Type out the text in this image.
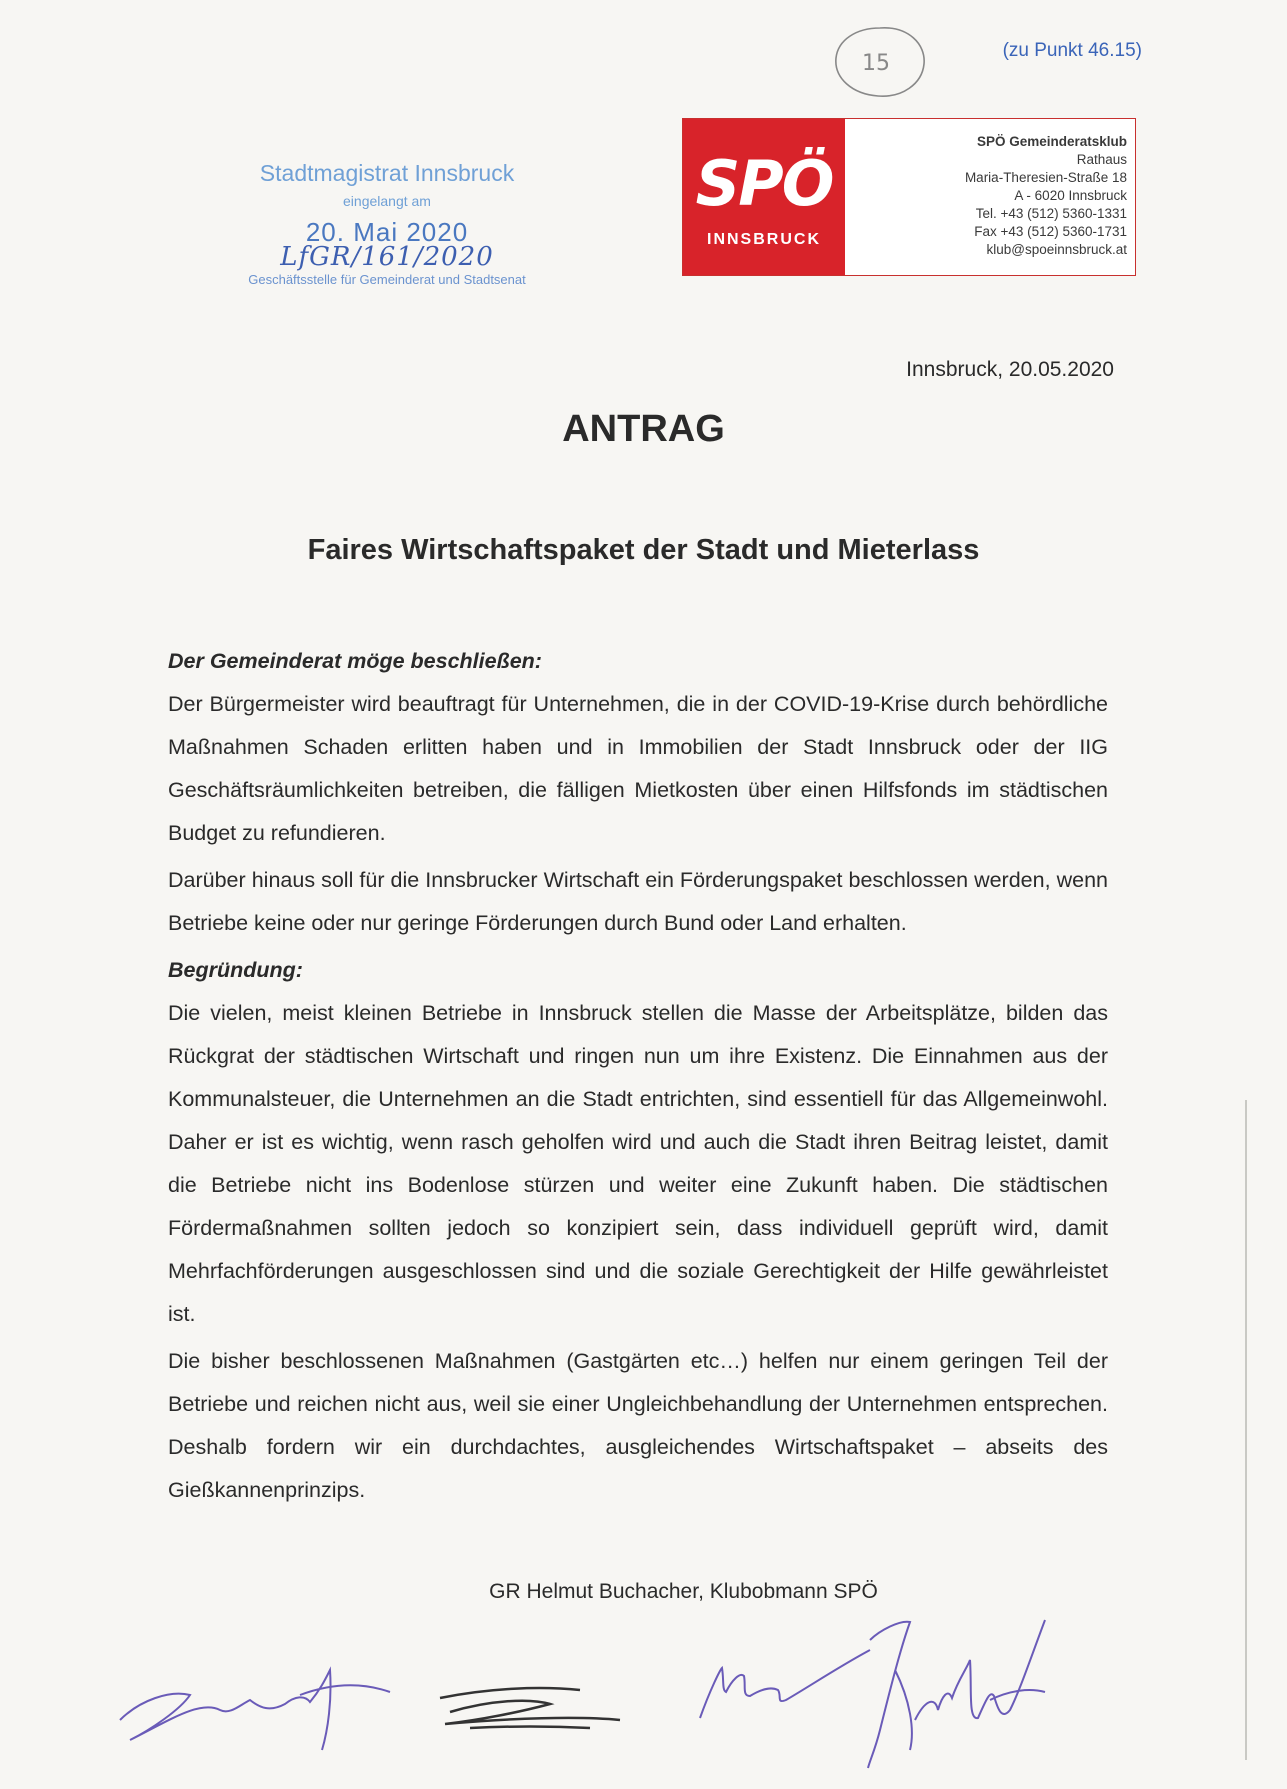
(zu Punkt 46.15)
15
Stadtmagistrat Innsbruck
eingelangt am
20. Mai 2020
LfGR/161/2020
Geschäftsstelle für Gemeinderat und Stadtsenat
SPÖ
INNSBRUCK
SPÖ Gemeinderatsklub
Rathaus
Maria-Theresien-Straße 18
A - 6020 Innsbruck
Tel. +43 (512) 5360-1331
Fax +43 (512) 5360-1731
klub@spoeinnsbruck.at
Innsbruck, 20.05.2020
ANTRAG
Faires Wirtschaftspaket der Stadt und Mieterlass
Der Gemeinderat möge beschließen:

Der Bürgermeister wird beauftragt für Unternehmen, die in der COVID-19-Krise durch behördliche Maßnahmen Schaden erlitten haben und in Immobilien der Stadt Innsbruck oder der IIG Geschäftsräumlichkeiten betreiben, die fälligen Mietkosten über einen Hilfsfonds im städtischen Budget zu refundieren.

Darüber hinaus soll für die Innsbrucker Wirtschaft ein Förderungspaket beschlossen werden, wenn Betriebe keine oder nur geringe Förderungen durch Bund oder Land erhalten.

Begründung:

Die vielen, meist kleinen Betriebe in Innsbruck stellen die Masse der Arbeitsplätze, bilden das Rückgrat der städtischen Wirtschaft und ringen nun um ihre Existenz. Die Einnahmen aus der Kommunalsteuer, die Unternehmen an die Stadt entrichten, sind essentiell für das Allgemeinwohl. Daher er ist es wichtig, wenn rasch geholfen wird und auch die Stadt ihren Beitrag leistet, damit die Betriebe nicht ins Bodenlose stürzen und weiter eine Zukunft haben. Die städtischen Fördermaßnahmen sollten jedoch so konzipiert sein, dass individuell geprüft wird, damit Mehrfachförderungen ausgeschlossen sind und die soziale Gerechtigkeit der Hilfe gewährleistet ist.

Die bisher beschlossenen Maßnahmen (Gastgärten etc…) helfen nur einem geringen Teil der Betriebe und reichen nicht aus, weil sie einer Ungleichbehandlung der Unternehmen entsprechen. Deshalb fordern wir ein durchdachtes, ausgleichendes Wirtschaftspaket – abseits des Gießkannenprinzips.

GR Helmut Buchacher, Klubobmann SPÖ
